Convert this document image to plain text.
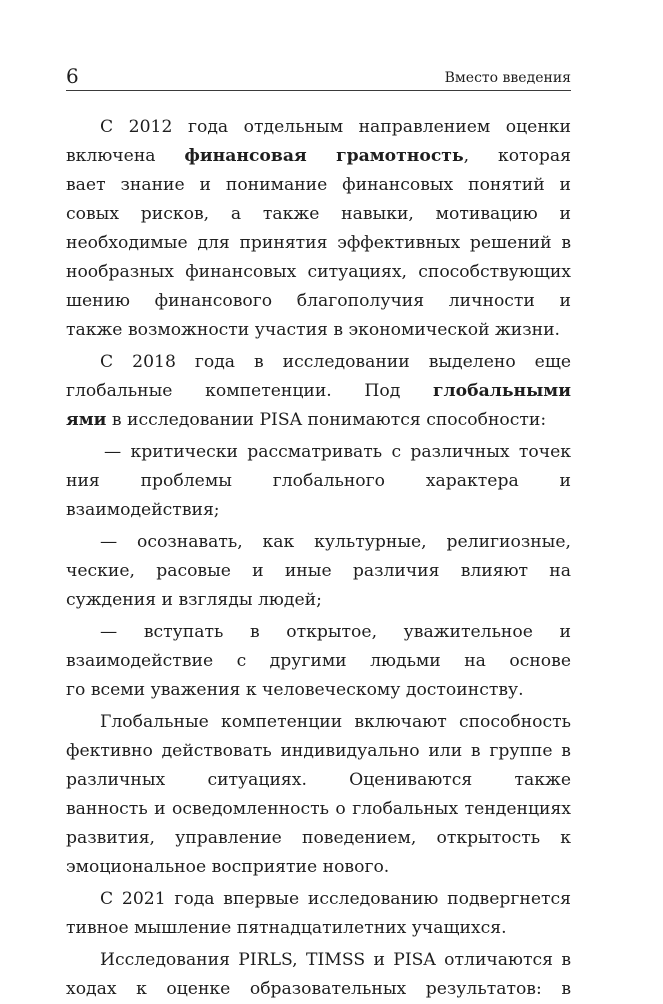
6	Вместо введения
С 2012 года отдельным направлением оценки
включена финансовая грамотность, которая
вает знание и понимание финансовых понятий и
совых рисков, а также навыки, мотивацию и
необходимые для принятия эффективных решений в
нообразных финансовых ситуациях, способствующих
шению финансового благополучия личности и
также возможности участия в экономической жизни.
С 2018 года в исследовании выделено еще
глобальные компетенции. Под глобальными
ями в исследовании PISA понимаются способности:
— критически рассматривать с различных точек
ния проблемы глобального характера и
взаимодействия;
— осознавать, как культурные, религиозные,
ческие, расовые и иные различия влияют на
суждения и взгляды людей;
— вступать в открытое, уважительное и
взаимодействие с другими людьми на основе
го всеми уважения к человеческому достоинству.
Глобальные компетенции включают способность
фективно действовать индивидуально или в группе в
различных ситуациях. Оцениваются также
ванность и осведомленность о глобальных тенденциях
развития, управление поведением, открытость к
эмоциональное восприятие нового.
С 2021 года впервые исследованию подвергнется
тивное мышление пятнадцатилетних учащихся.
Исследования PIRLS, TIMSS и PISA отличаются в
ходах к оценке образовательных результатов: в
